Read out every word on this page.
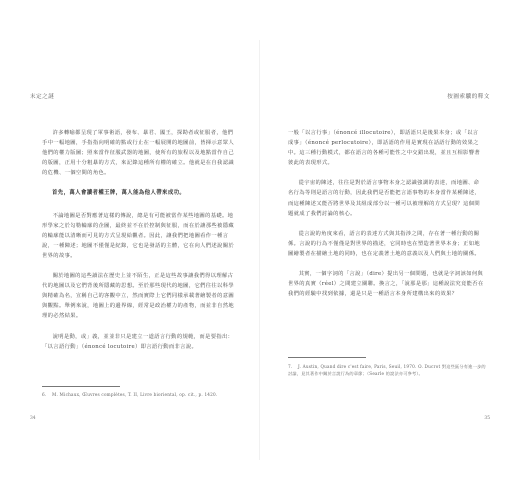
末定之謎

許多轉喻都呈現了軍事術語，發布、暴君、國王，探勘者或征服者，他們手中一幅地圖，手指指向明確的點或行止在一幅展開的地圖前，皆揮示意眾人他們的權力版圖；照來當作征服武器的地圖，使所有的旅程以及地點當作自己的版圖，正用十分粗暴的方式，來記錄這種所有權的確立。他就是在自我認識的危機、一個空間的角色。

首先，萬人會讀者權王牌，萬人能為他人帶來成功。

不論地圖是否對應著這樣的傳說，總是有可能被當作某些地圖的基礎。地形學家之於勾勒輪廓的企圖，最終並不在於控制與征服，而在於讓那些被隱藏的輪廓能以清晰而可見的方式呈現給觀者。因此，讓我們把地圖看作一種言說，一種陳述；地圖不僅僅是紀錄，它也是發話的主體，它在向人們述說關於世界的故事。

關於地圖的這些讀法在歷史上並不陌生，正是這些故事讓我們得以理解古代的地圖以及它們背後所隱藏的思想。至於那些現代的地圖，它們往往以科學與精確為名，宣稱自己的客觀中立，然而實際上它們同樣承載著繪製者的意圖與觀點。舉例來說，地圖上的邊界線，經常是政治權力的產物，而並非自然地理的必然結果。

說明是動，或」義，並並非只是建立一道語言行動的規範，而是要指出：「以言語行動」（énoncé locutoire）即言語行動而非言說。

6. M. Michaux, Œuvres complètes, T. II, Livre bioriental, op. cit., p. 1420.
34
按圖索驥的釋文

一般「以言行事」（énoncé illocutoire），即話語只是後果本身；或「以言成事」（énoncé perlocutoire），即話語的作用是實現在話語行動的效果之中。這三種行動模式，都在語言的各種可能性之中交錯出現，並且互相影響著彼此的表現形式。

從宇宙的陳述，往往是對於語言事物本身之認識強調的表達，而地圖、命名行為等則是語言的行動，因此我們是否能把言語事物的本身當作某種陳述，而這種陳述又能否將世界及其組成部分以一種可以被理解的方式呈現？這個問題就成了我們討論的核心。

從言說的角度來看，語言的表達方式與其指涉之間，存在著一種行動的關係。言說的行為不僅僅是對世界的描述，它同時也在塑造著世界本身；正如地圖繪製者在描繪土地的同時，也在定義著土地的意義以及人們與土地的關係。

其實，一個字詞的「言說」（dire）提出另一個問題，也就是字詞該如何與世界的真實（réel）之間建立關聯。換言之，「說那是那」這種說法究竟能否在我們的經驗中找到依據，還是只是一種語言本身所建構出來的效果？

7. J. Austin, Quand dire c'est faire, Paris, Seuil, 1970. O. Ducrot 對這些區分有進一步的討論，見其著作中關於言說行為的章節；（Searle 的說法亦可參考）。
35
